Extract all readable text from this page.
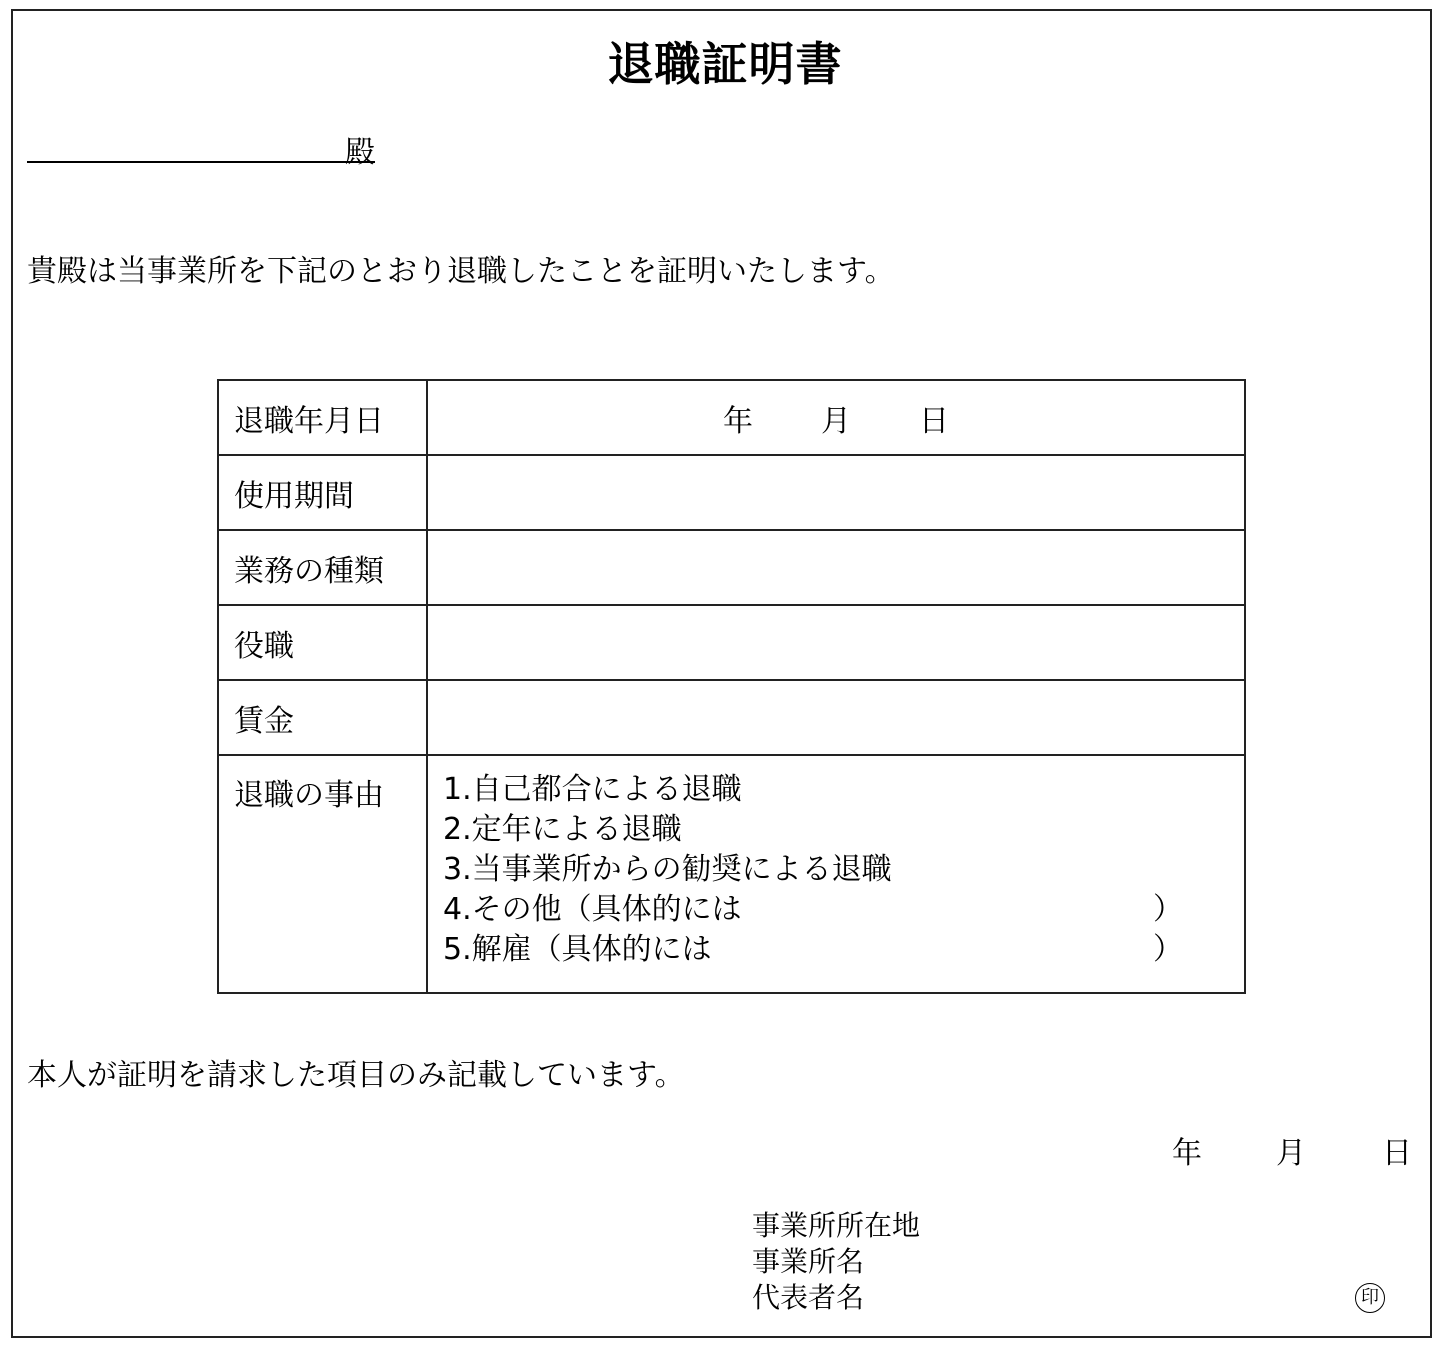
退職証明書
殿
貴殿は当事業所を下記のとおり退職したことを証明いたします。
退職年月日	年 月 日
使用期間	
業務の種類	
役職	
賃金	
退職の事由	1.自己都合による退職
2.定年による退職
3.当事業所からの勧奨による退職
4.その他（具体的には	）
5.解雇（具体的には	）
本人が証明を請求した項目のみ記載しています。
年 月	日
事業所所在地
事業所名
代表者名	印
